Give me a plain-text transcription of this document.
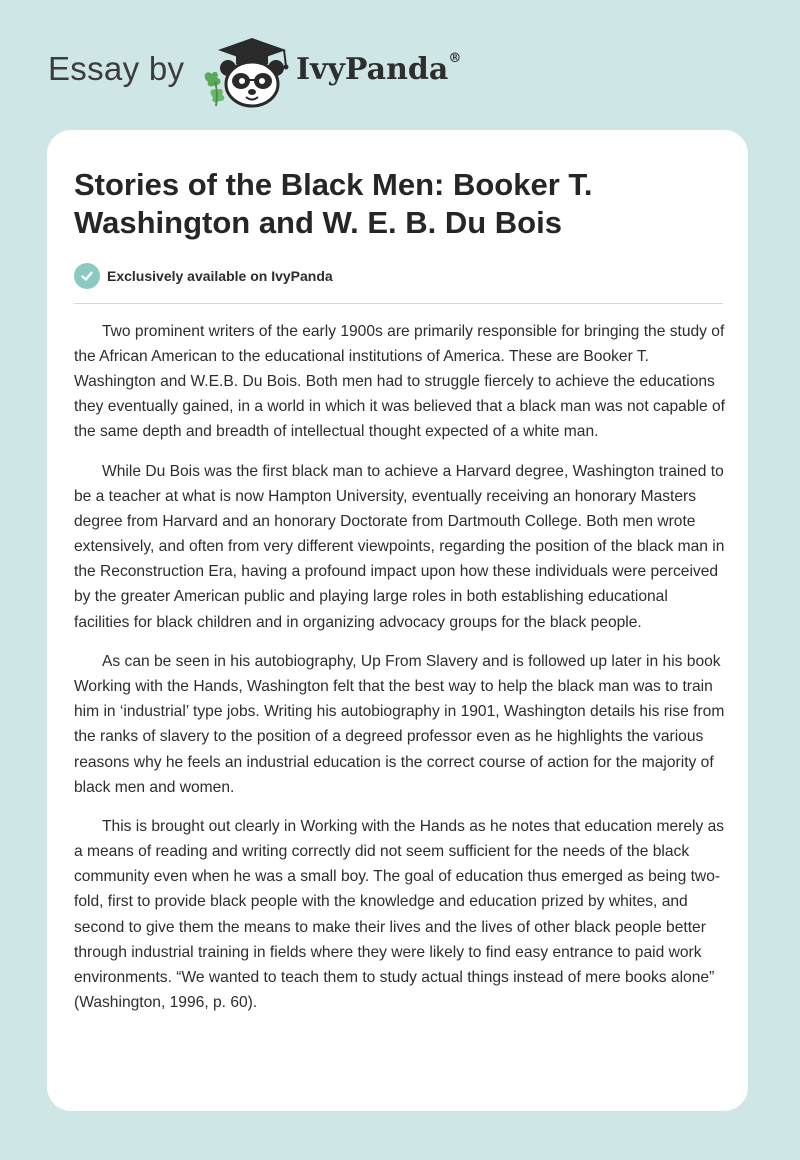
Essay by	IvyPanda®
Stories of the Black Men: Booker T. Washington and W. E. B. Du Bois
Exclusively available on IvyPanda

Two prominent writers of the early 1900s are primarily responsible for bringing the study of the African American to the educational institutions of America. These are Booker T. Washington and W.E.B. Du Bois. Both men had to struggle fiercely to achieve the educations they eventually gained, in a world in which it was believed that a black man was not capable of the same depth and breadth of intellectual thought expected of a white man.

While Du Bois was the first black man to achieve a Harvard degree, Washington trained to be a teacher at what is now Hampton University, eventually receiving an honorary Masters degree from Harvard and an honorary Doctorate from Dartmouth College. Both men wrote extensively, and often from very different viewpoints, regarding the position of the black man in the Reconstruction Era, having a profound impact upon how these individuals were perceived by the greater American public and playing large roles in both establishing educational facilities for black children and in organizing advocacy groups for the black people.

As can be seen in his autobiography, Up From Slavery and is followed up later in his book Working with the Hands, Washington felt that the best way to help the black man was to train him in ‘industrial’ type jobs. Writing his autobiography in 1901, Washington details his rise from the ranks of slavery to the position of a degreed professor even as he highlights the various reasons why he feels an industrial education is the correct course of action for the majority of black men and women.

This is brought out clearly in Working with the Hands as he notes that education merely as a means of reading and writing correctly did not seem sufficient for the needs of the black community even when he was a small boy. The goal of education thus emerged as being two-fold, first to provide black people with the knowledge and education prized by whites, and second to give them the means to make their lives and the lives of other black people better through industrial training in fields where they were likely to find easy entrance to paid work environments. “We wanted to teach them to study actual things instead of mere books alone” (Washington, 1996, p. 60).
